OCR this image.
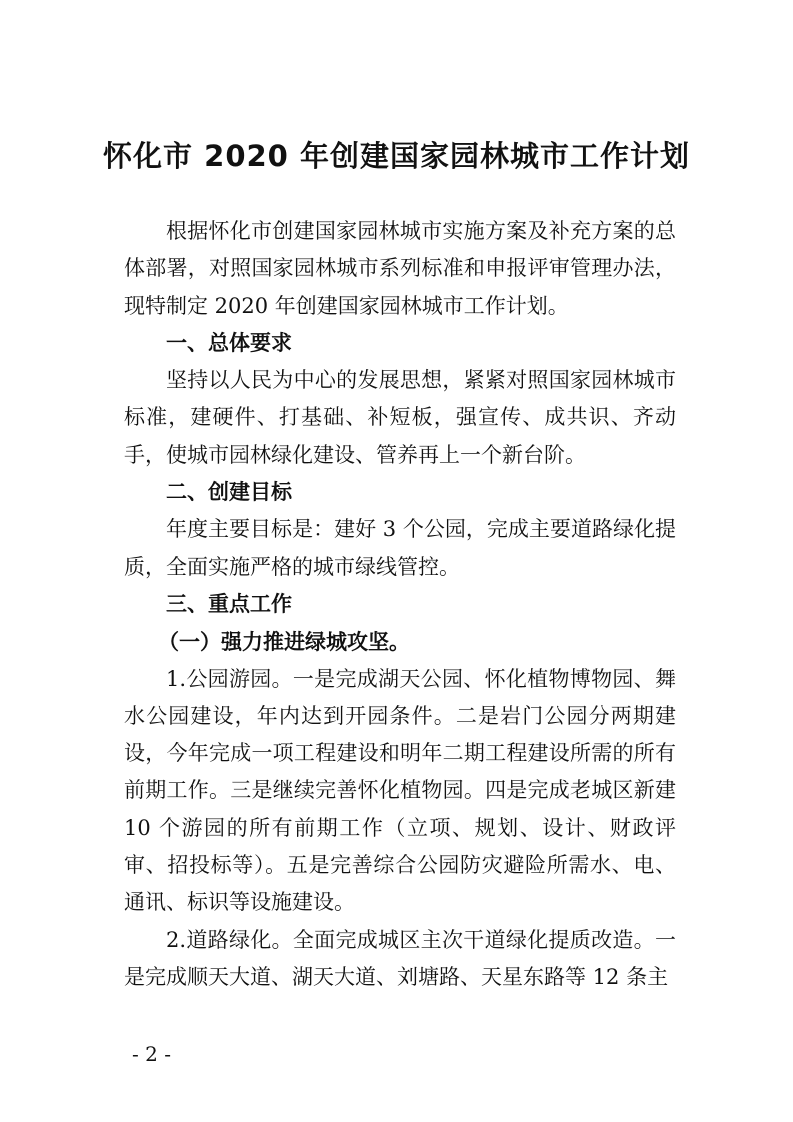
怀化市 2020 年创建国家园林城市工作计划

根据怀化市创建国家园林城市实施方案及补充方案的总体部署，对照国家园林城市系列标准和申报评审管理办法，现特制定 2020 年创建国家园林城市工作计划。

一、总体要求

坚持以人民为中心的发展思想，紧紧对照国家园林城市标准，建硬件、打基础、补短板，强宣传、成共识、齐动手，使城市园林绿化建设、管养再上一个新台阶。

二、创建目标

年度主要目标是：建好 3 个公园，完成主要道路绿化提质，全面实施严格的城市绿线管控。

三、重点工作

（一）强力推进绿城攻坚。

1.公园游园。一是完成湖天公园、怀化植物博物园、舞水公园建设，年内达到开园条件。二是岩门公园分两期建设，今年完成一项工程建设和明年二期工程建设所需的所有前期工作。三是继续完善怀化植物园。四是完成老城区新建 10 个游园的所有前期工作（立项、规划、设计、财政评审、招投标等）。五是完善综合公园防灾避险所需水、电、通讯、标识等设施建设。

2.道路绿化。全面完成城区主次干道绿化提质改造。一是完成顺天大道、湖天大道、刘塘路、天星东路等 12 条主

- 2 -
